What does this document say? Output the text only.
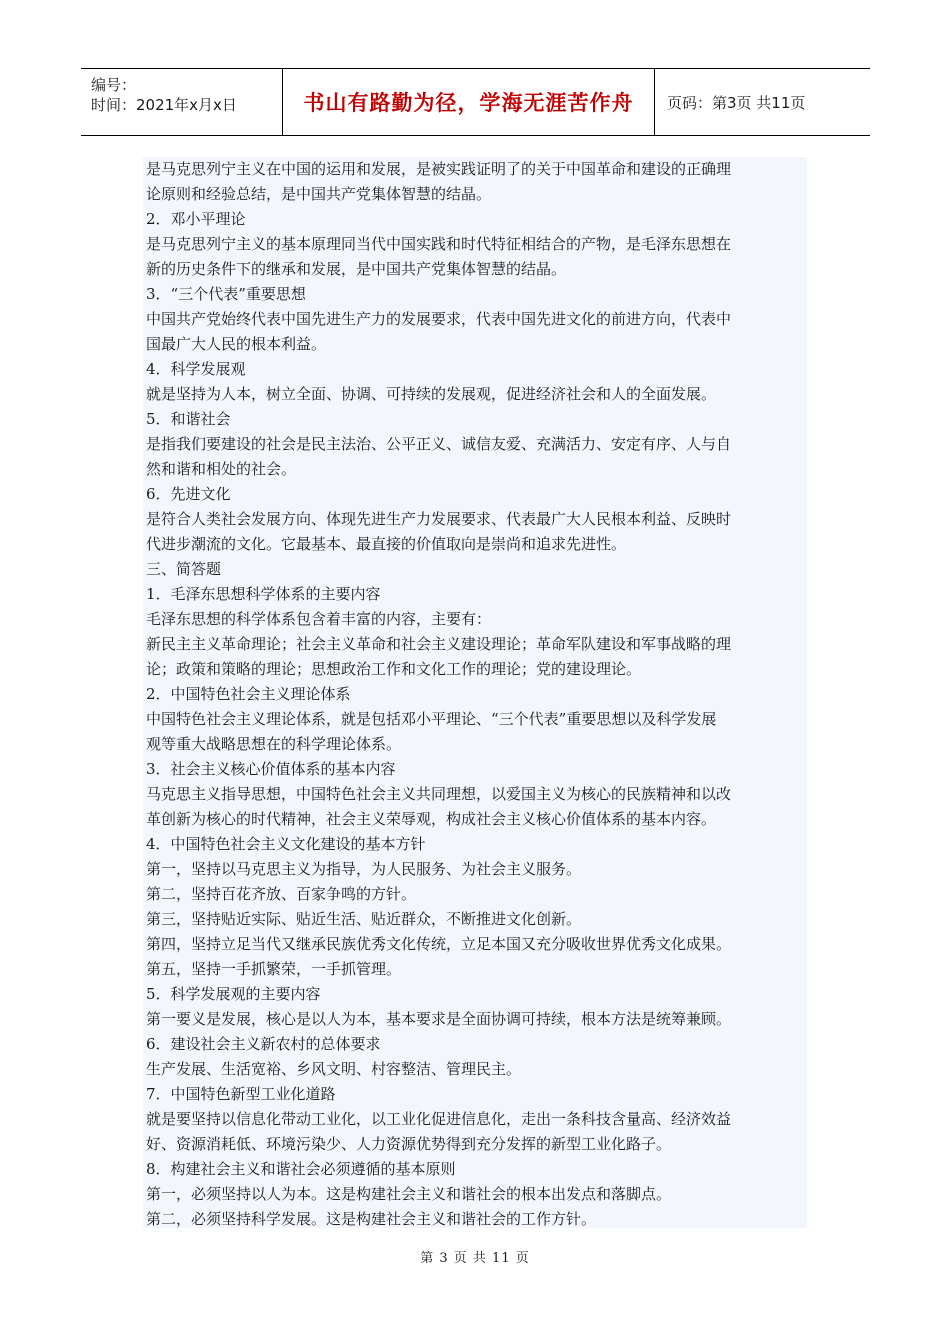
编号：
时间：2021年x月x日	书山有路勤为径，学海无涯苦作舟	页码：第3页 共11页
是马克思列宁主义在中国的运用和发展，是被实践证明了的关于中国革命和建设的正确理
论原则和经验总结，是中国共产党集体智慧的结晶。
2．邓小平理论
是马克思列宁主义的基本原理同当代中国实践和时代特征相结合的产物，是毛泽东思想在
新的历史条件下的继承和发展，是中国共产党集体智慧的结晶。
3．“三个代表”重要思想
中国共产党始终代表中国先进生产力的发展要求，代表中国先进文化的前进方向，代表中
国最广大人民的根本利益。
4．科学发展观
就是坚持为人本，树立全面、协调、可持续的发展观，促进经济社会和人的全面发展。
5．和谐社会
是指我们要建设的社会是民主法治、公平正义、诚信友爱、充满活力、安定有序、人与自
然和谐和相处的社会。
6．先进文化
是符合人类社会发展方向、体现先进生产力发展要求、代表最广大人民根本利益、反映时
代进步潮流的文化。它最基本、最直接的价值取向是崇尚和追求先进性。
三、简答题
1．毛泽东思想科学体系的主要内容
毛泽东思想的科学体系包含着丰富的内容，主要有：
新民主主义革命理论；社会主义革命和社会主义建设理论；革命军队建设和军事战略的理
论；政策和策略的理论；思想政治工作和文化工作的理论；党的建设理论。
2．中国特色社会主义理论体系
中国特色社会主义理论体系，就是包括邓小平理论、“三个代表”重要思想以及科学发展
观等重大战略思想在的科学理论体系。
3．社会主义核心价值体系的基本内容
马克思主义指导思想，中国特色社会主义共同理想，以爱国主义为核心的民族精神和以改
革创新为核心的时代精神，社会主义荣辱观，构成社会主义核心价值体系的基本内容。
4．中国特色社会主义文化建设的基本方针
第一，坚持以马克思主义为指导，为人民服务、为社会主义服务。
第二，坚持百花齐放、百家争鸣的方针。
第三，坚持贴近实际、贴近生活、贴近群众，不断推进文化创新。
第四，坚持立足当代又继承民族优秀文化传统，立足本国又充分吸收世界优秀文化成果。
第五，坚持一手抓繁荣，一手抓管理。
5．科学发展观的主要内容
第一要义是发展，核心是以人为本，基本要求是全面协调可持续，根本方法是统筹兼顾。
6．建设社会主义新农村的总体要求
生产发展、生活宽裕、乡风文明、村容整洁、管理民主。
7．中国特色新型工业化道路
就是要坚持以信息化带动工业化，以工业化促进信息化，走出一条科技含量高、经济效益
好、资源消耗低、环境污染少、人力资源优势得到充分发挥的新型工业化路子。
8．构建社会主义和谐社会必须遵循的基本原则
第一，必须坚持以人为本。这是构建社会主义和谐社会的根本出发点和落脚点。
第二，必须坚持科学发展。这是构建社会主义和谐社会的工作方针。
第 3 页 共 11 页
